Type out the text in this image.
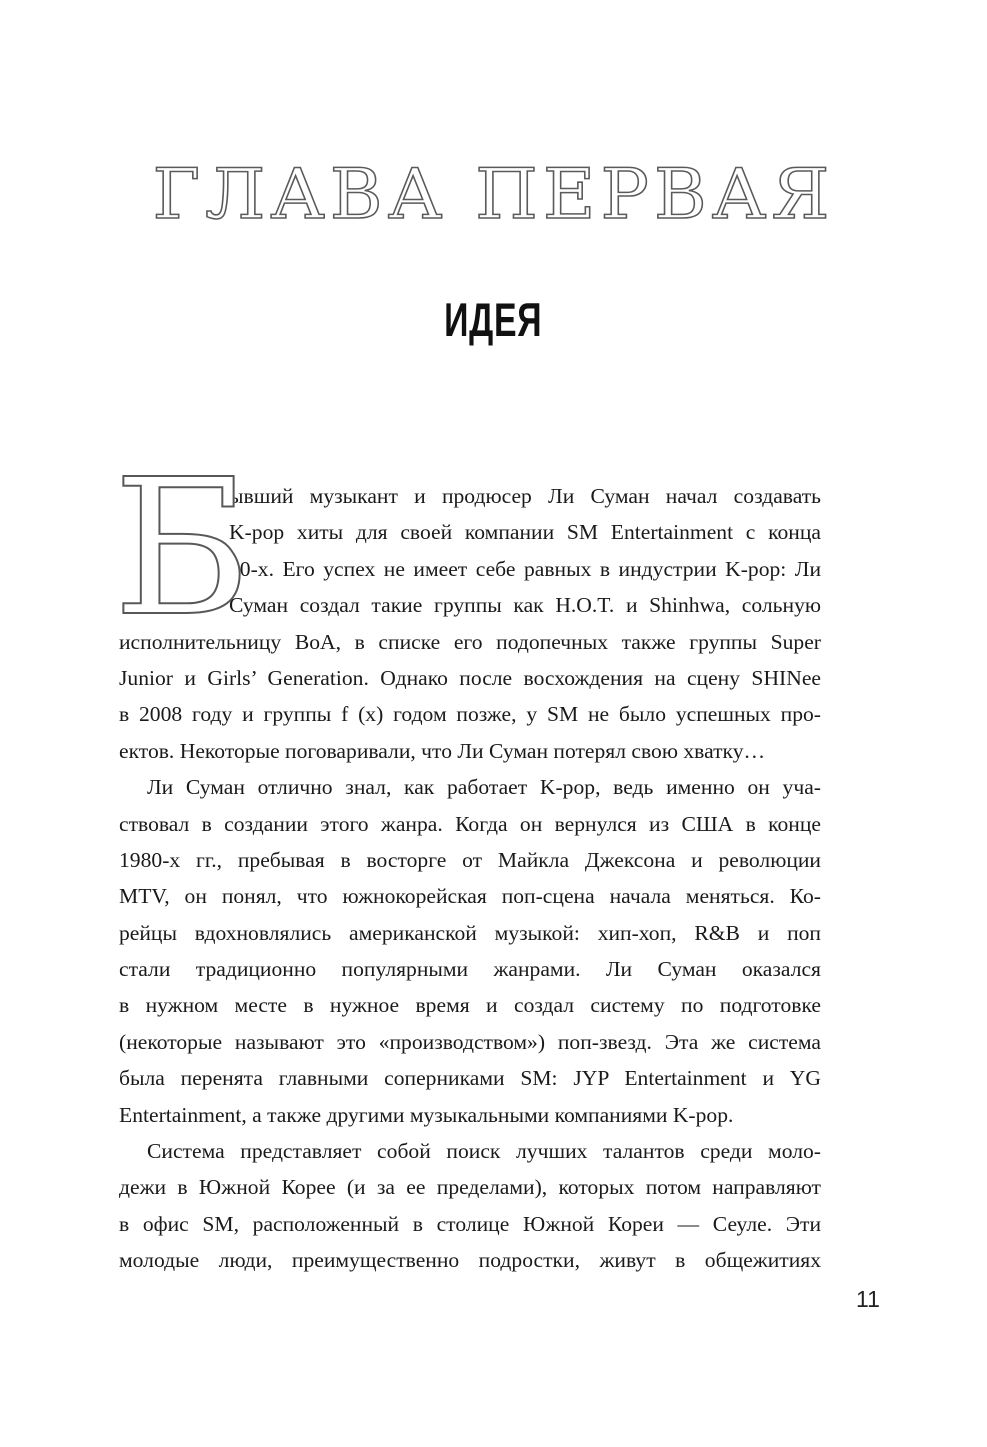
ГЛАВА ПЕРВАЯ
ИДЕЯ
Б
ывший музыкант и продюсер Ли Суман начал создавать
K-pop хиты для своей компании SM Entertainment с конца
90-х. Его успех не имеет себе равных в индустрии K-pop: Ли
Суман создал такие группы как H.O.T. и Shinhwa, сольную
исполнительницу BoA, в списке его подопечных также группы Super
Junior и Girls’ Generation. Однако после восхождения на сцену SHINee
в 2008 году и группы f (x) годом позже, у SM не было успешных про-
ектов. Некоторые поговаривали, что Ли Суман потерял свою хватку…
Ли Суман отлично знал, как работает K-pop, ведь именно он уча-
ствовал в создании этого жанра. Когда он вернулся из США в конце
1980-х гг., пребывая в восторге от Майкла Джексона и революции
MTV, он понял, что южнокорейская поп-сцена начала меняться. Ко-
рейцы вдохновлялись американской музыкой: хип-хоп, R&B и поп
стали традиционно популярными жанрами. Ли Суман оказался
в нужном месте в нужное время и создал систему по подготовке
(некоторые называют это «производством») поп-звезд. Эта же система
была перенята главными соперниками SM: JYP Entertainment и YG
Entertainment, а также другими музыкальными компаниями K-pop.
Система представляет собой поиск лучших талантов среди моло-
дежи в Южной Корее (и за ее пределами), которых потом направляют
в офис SM, расположенный в столице Южной Кореи — Сеуле. Эти
молодые люди, преимущественно подростки, живут в общежитиях
11
